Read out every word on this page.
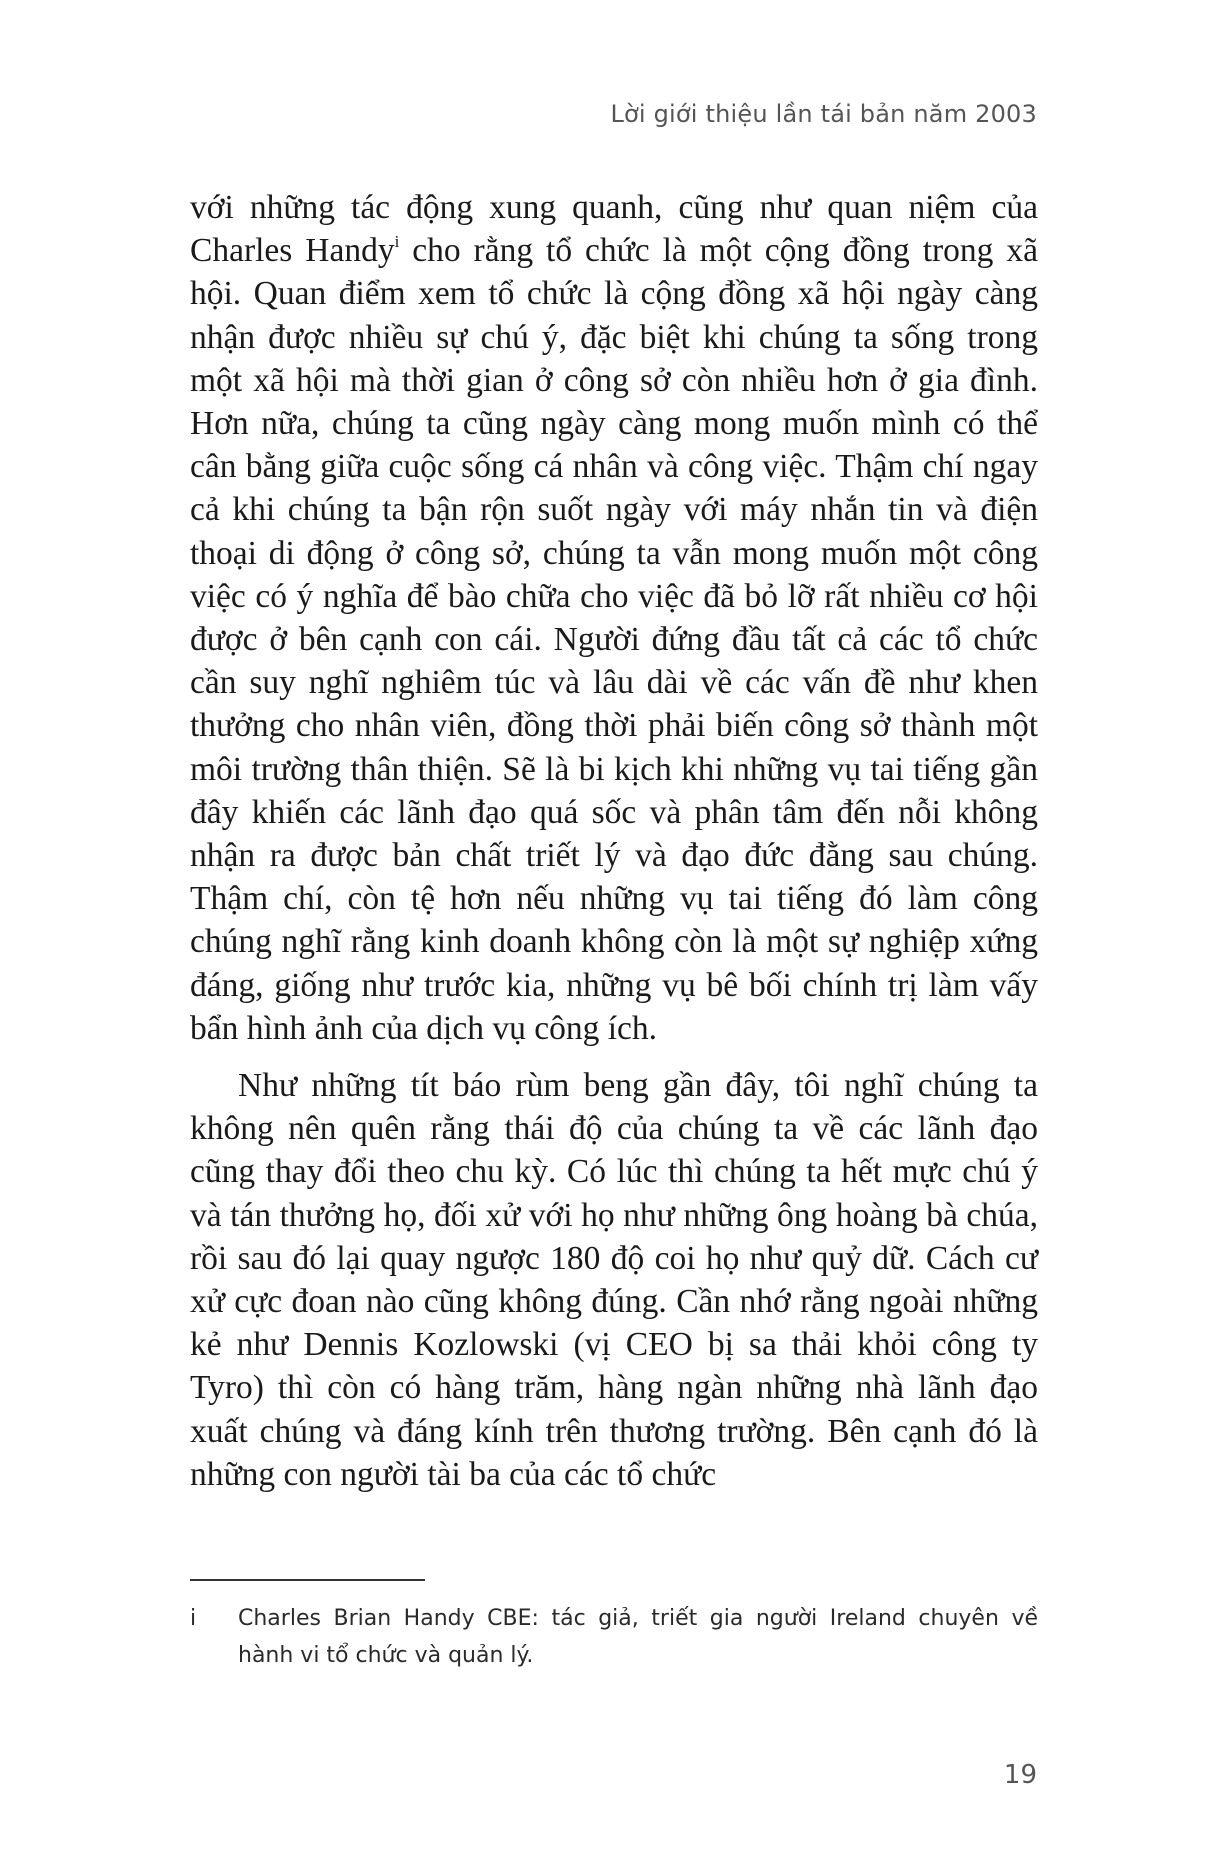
Lời giới thiệu lần tái bản năm 2003

với những tác động xung quanh, cũng như quan niệm của Charles Handy$^i$ cho rằng tổ chức là một cộng đồng trong xã hội. Quan điểm xem tổ chức là cộng đồng xã hội ngày càng nhận được nhiều sự chú ý, đặc biệt khi chúng ta sống trong một xã hội mà thời gian ở công sở còn nhiều hơn ở gia đình. Hơn nữa, chúng ta cũng ngày càng mong muốn mình có thể cân bằng giữa cuộc sống cá nhân và công việc. Thậm chí ngay cả khi chúng ta bận rộn suốt ngày với máy nhắn tin và điện thoại di động ở công sở, chúng ta vẫn mong muốn một công việc có ý nghĩa để bào chữa cho việc đã bỏ lỡ rất nhiều cơ hội được ở bên cạnh con cái. Người đứng đầu tất cả các tổ chức cần suy nghĩ nghiêm túc và lâu dài về các vấn đề như khen thưởng cho nhân viên, đồng thời phải biến công sở thành một môi trường thân thiện. Sẽ là bi kịch khi những vụ tai tiếng gần đây khiến các lãnh đạo quá sốc và phân tâm đến nỗi không nhận ra được bản chất triết lý và đạo đức đằng sau chúng. Thậm chí, còn tệ hơn nếu những vụ tai tiếng đó làm công chúng nghĩ rằng kinh doanh không còn là một sự nghiệp xứng đáng, giống như trước kia, những vụ bê bối chính trị làm vấy bẩn hình ảnh của dịch vụ công ích.

Như những tít báo rùm beng gần đây, tôi nghĩ chúng ta không nên quên rằng thái độ của chúng ta về các lãnh đạo cũng thay đổi theo chu kỳ. Có lúc thì chúng ta hết mực chú ý và tán thưởng họ, đối xử với họ như những ông hoàng bà chúa, rồi sau đó lại quay ngược 180 độ coi họ như quỷ dữ. Cách cư xử cực đoan nào cũng không đúng. Cần nhớ rằng ngoài những kẻ như Dennis Kozlowski (vị CEO bị sa thải khỏi công ty Tyro) thì còn có hàng trăm, hàng ngàn những nhà lãnh đạo xuất chúng và đáng kính trên thương trường. Bên cạnh đó là những con người tài ba của các tổ chức

i	Charles Brian Handy CBE: tác giả, triết gia người Ireland chuyên về hành vi tổ chức và quản lý.
19
